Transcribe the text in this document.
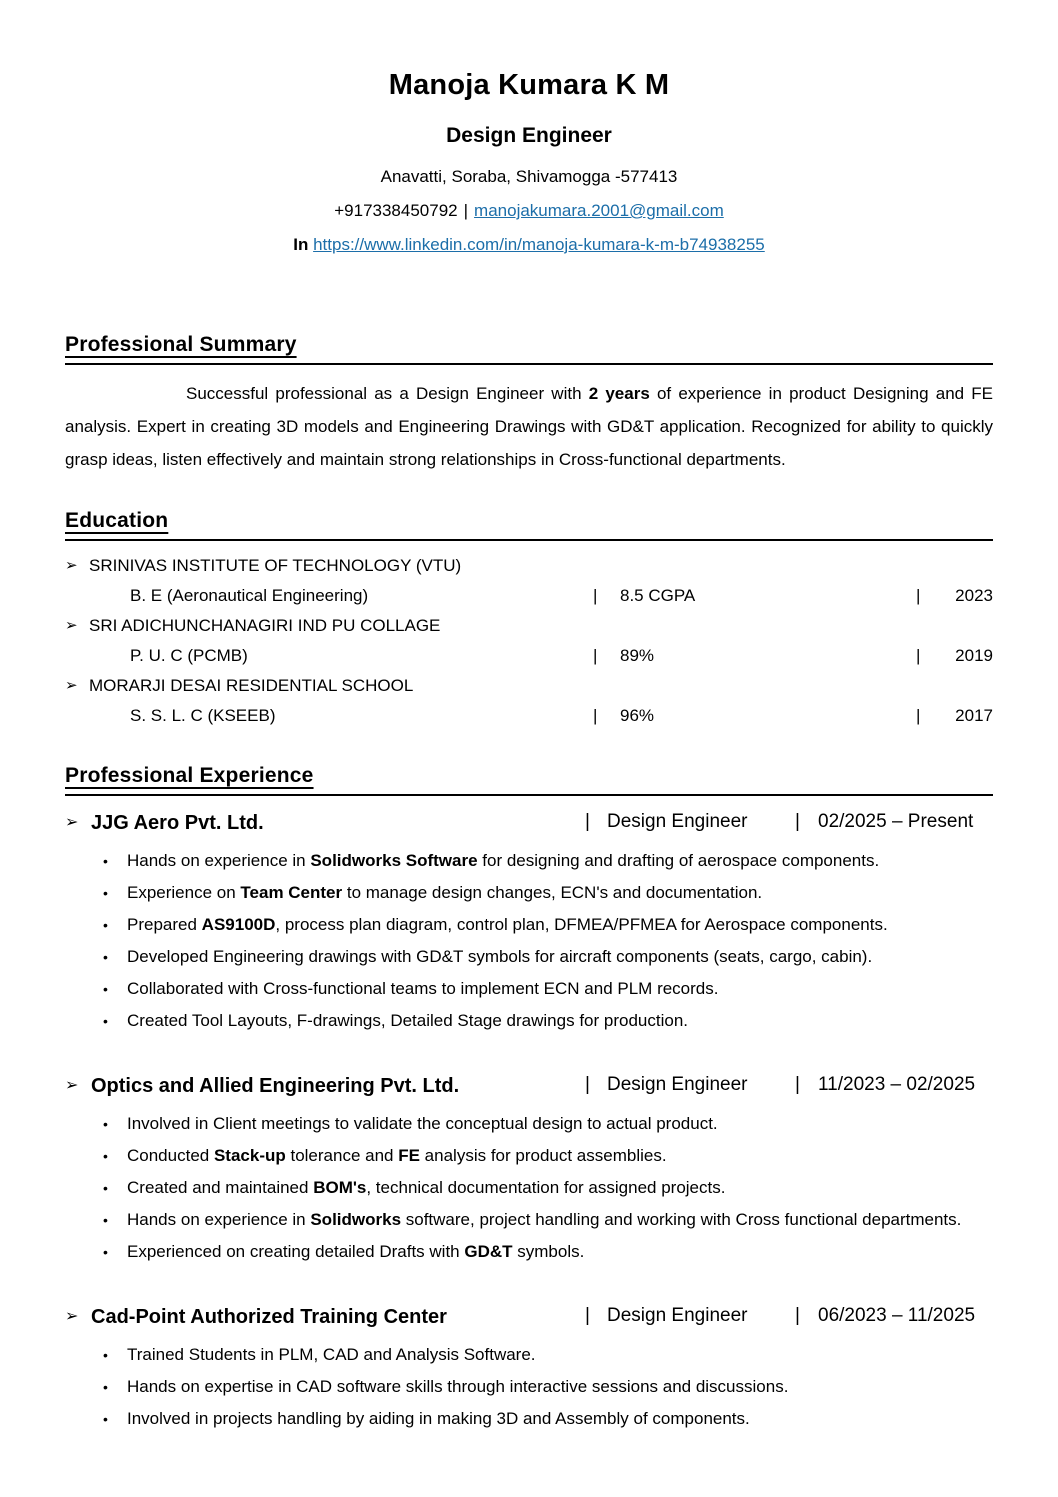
Manoja Kumara K M
Design Engineer
Anavatti, Soraba, Shivamogga -577413
+917338450792 | manojakumara.2001@gmail.com
In https://www.linkedin.com/in/manoja-kumara-k-m-b74938255
Professional Summary

Successful professional as a Design Engineer with 2 years of experience in product Designing and FE analysis. Expert in creating 3D models and Engineering Drawings with GD&T application. Recognized for ability to quickly grasp ideas, listen effectively and maintain strong relationships in Cross-functional departments.

Education
➢ SRINIVAS INSTITUTE OF TECHNOLOGY (VTU)
B. E (Aeronautical Engineering)	|	8.5 CGPA	|	2023
➢ SRI ADICHUNCHANAGIRI IND PU COLLAGE
P. U. C (PCMB)	|	89%	|	2019
➢ MORARJI DESAI RESIDENTIAL SCHOOL
S. S. L. C (KSEEB)	|	96%	|	2017
Professional Experience
➢ JJG Aero Pvt. Ltd.	| Design Engineer	| 02/2025 – Present
•	Hands on experience in Solidworks Software for designing and drafting of aerospace components.
•	Experience on Team Center to manage design changes, ECN's and documentation.
•	Prepared AS9100D, process plan diagram, control plan, DFMEA/PFMEA for Aerospace components.
•	Developed Engineering drawings with GD&T symbols for aircraft components (seats, cargo, cabin).
•	Collaborated with Cross-functional teams to implement ECN and PLM records.
•	Created Tool Layouts, F-drawings, Detailed Stage drawings for production.
➢ Optics and Allied Engineering Pvt. Ltd.	| Design Engineer	| 11/2023 – 02/2025
•	Involved in Client meetings to validate the conceptual design to actual product.
•	Conducted Stack-up tolerance and FE analysis for product assemblies.
•	Created and maintained BOM's, technical documentation for assigned projects.
•	Hands on experience in Solidworks software, project handling and working with Cross functional departments.
•	Experienced on creating detailed Drafts with GD&T symbols.
➢ Cad-Point Authorized Training Center	| Design Engineer	| 06/2023 – 11/2025
•	Trained Students in PLM, CAD and Analysis Software.
•	Hands on expertise in CAD software skills through interactive sessions and discussions.
•	Involved in projects handling by aiding in making 3D and Assembly of components.
